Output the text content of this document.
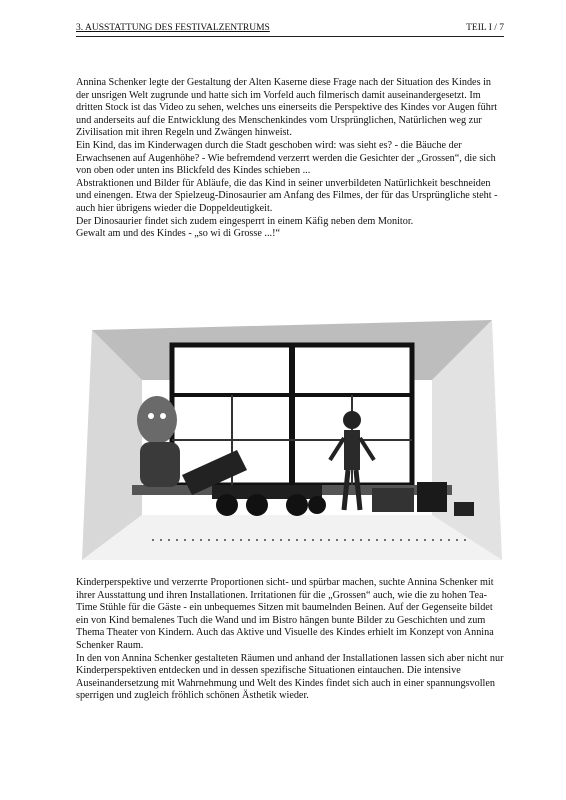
3. AUSSTATTUNG DES FESTIVALZENTRUMS	TEIL I / 7

Annina Schenker legte der Gestaltung der Alten Kaserne diese Frage nach der Situation des Kindes in der unsrigen Welt zugrunde und hatte sich im Vorfeld auch filmerisch damit auseinandergesetzt. Im dritten Stock ist das Video zu sehen, welches uns einerseits die Perspektive des Kindes vor Augen führt und anderseits auf die Entwicklung des Menschenkindes vom Ursprünglichen, Natürlichen weg zur Zivilisation mit ihren Regeln und Zwängen hinweist.

Ein Kind, das im Kinderwagen durch die Stadt geschoben wird: was sieht es? - die Bäuche der Erwachsenen auf Augenhöhe? - Wie befremdend verzerrt werden die Gesichter der „Grossen“, die sich von oben oder unten ins Blickfeld des Kindes schieben ...

Abstraktionen und Bilder für Abläufe, die das Kind in seiner unverbildeten Natürlichkeit beschneiden und einengen. Etwa der Spielzeug-Dinosaurier am Anfang des Filmes, der für das Ursprüngliche steht - auch hier übrigens wieder die Doppeldeutigkeit.

Der Dinosaurier findet sich zudem eingesperrt in einem Käfig neben dem Monitor.

Gewalt am und des Kindes - „so wi di Grosse ...!“

Kinderperspektive und verzerrte Proportionen sicht- und spürbar machen, suchte Annina Schenker mit ihrer Ausstattung und ihren Installationen. Irritationen für die „Grossen“ auch, wie die zu hohen Tea-Time Stühle für die Gäste - ein unbequemes Sitzen mit baumelnden Beinen. Auf der Gegenseite bildet ein von Kind bemalenes Tuch die Wand und im Bistro hängen bunte Bilder zu Geschichten und zum Thema Theater von Kindern. Auch das Aktive und Visuelle des Kindes erhielt im Konzept von Annina Schenker Raum.

In den von Annina Schenker gestalteten Räumen und anhand der Installationen lassen sich aber nicht nur Kinderperspektiven entdecken und in dessen spezifische Situationen eintauchen. Die intensive Auseinandersetzung mit Wahrnehmung und Welt des Kindes findet sich auch in einer spannungsvollen sperrigen und zugleich fröhlich schönen Ästhetik wieder.
